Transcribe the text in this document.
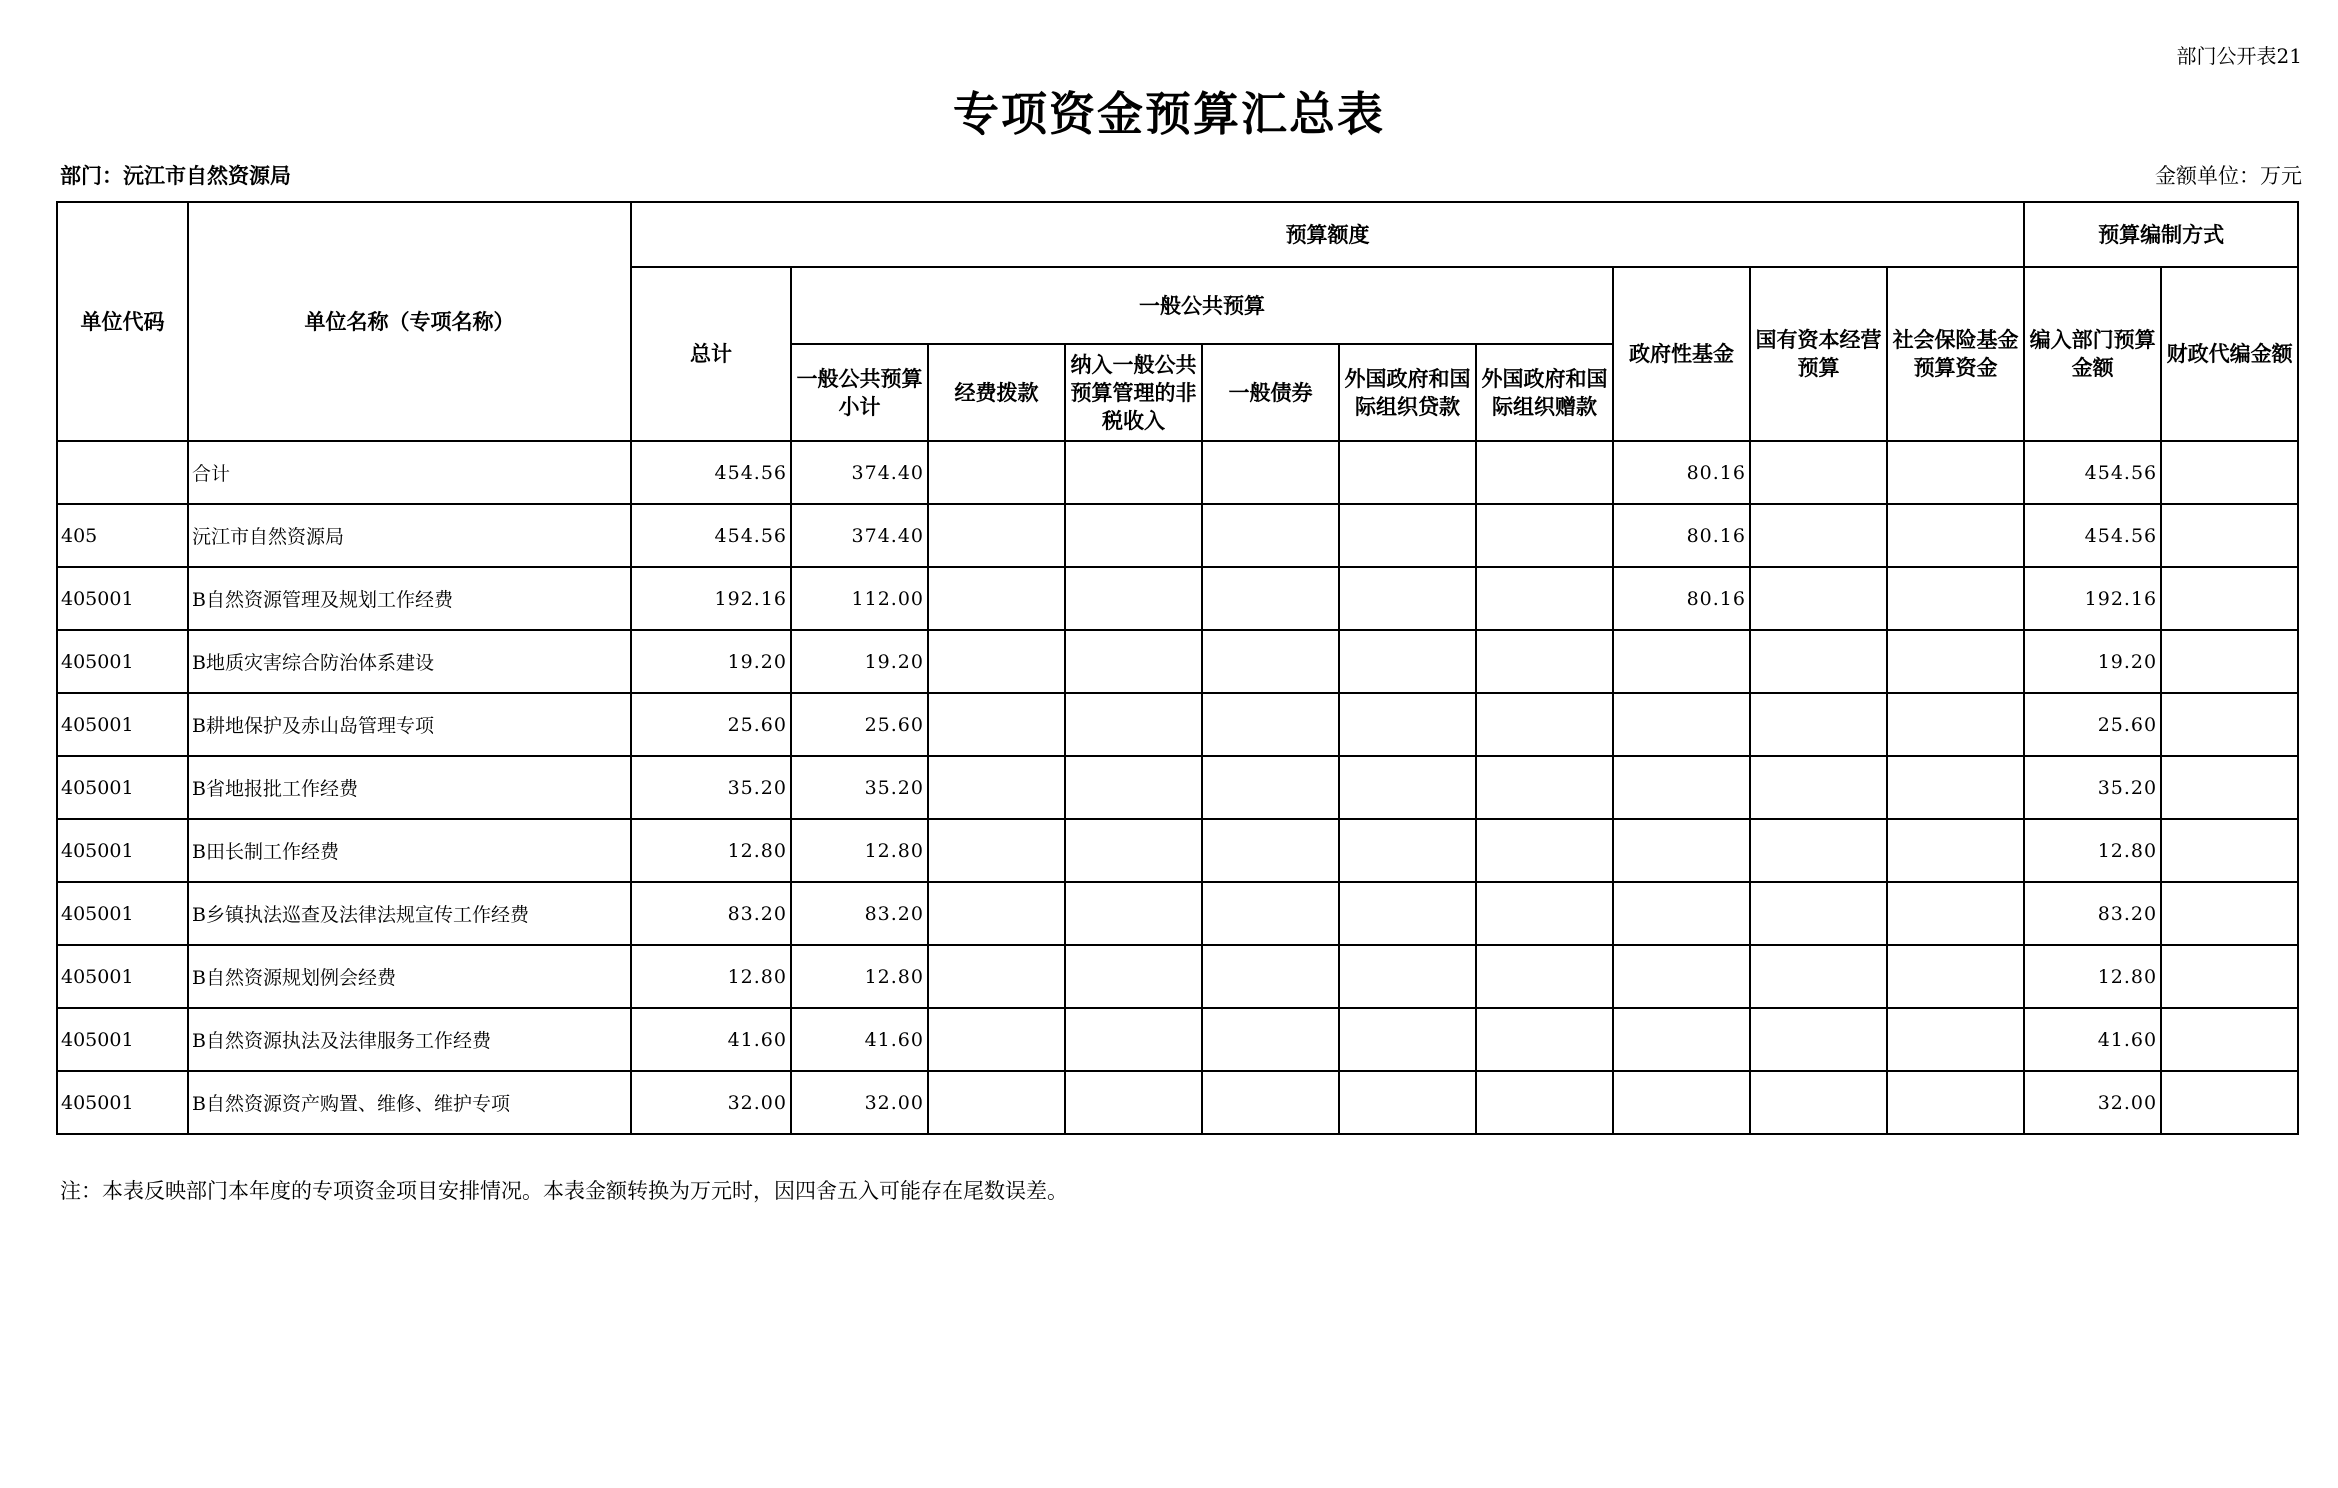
部门公开表21
专项资金预算汇总表
部门：沅江市自然资源局	金额单位：万元
单位代码	单位名称（专项名称）	预算额度										预算编制方式	
		总计	一般公共预算						政府性基金	国有资本经营预算	社会保险基金预算资金	编入部门预算金额	财政代编金额
			一般公共预算小计	经费拨款	纳入一般公共预算管理的非税收入	一般债券	外国政府和国际组织贷款	外国政府和国际组织赠款					
	合计	454.56	374.40						80.16			454.56	
405	沅江市自然资源局	454.56	374.40						80.16			454.56	
405001	B自然资源管理及规划工作经费	192.16	112.00						80.16			192.16	
405001	B地质灾害综合防治体系建设	19.20	19.20									19.20	
405001	B耕地保护及赤山岛管理专项	25.60	25.60									25.60	
405001	B省地报批工作经费	35.20	35.20									35.20	
405001	B田长制工作经费	12.80	12.80									12.80	
405001	B乡镇执法巡查及法律法规宣传工作经费	83.20	83.20									83.20	
405001	B自然资源规划例会经费	12.80	12.80									12.80	
405001	B自然资源执法及法律服务工作经费	41.60	41.60									41.60	
405001	B自然资源资产购置、维修、维护专项	32.00	32.00									32.00	
注：本表反映部门本年度的专项资金项目安排情况。本表金额转换为万元时，因四舍五入可能存在尾数误差。
